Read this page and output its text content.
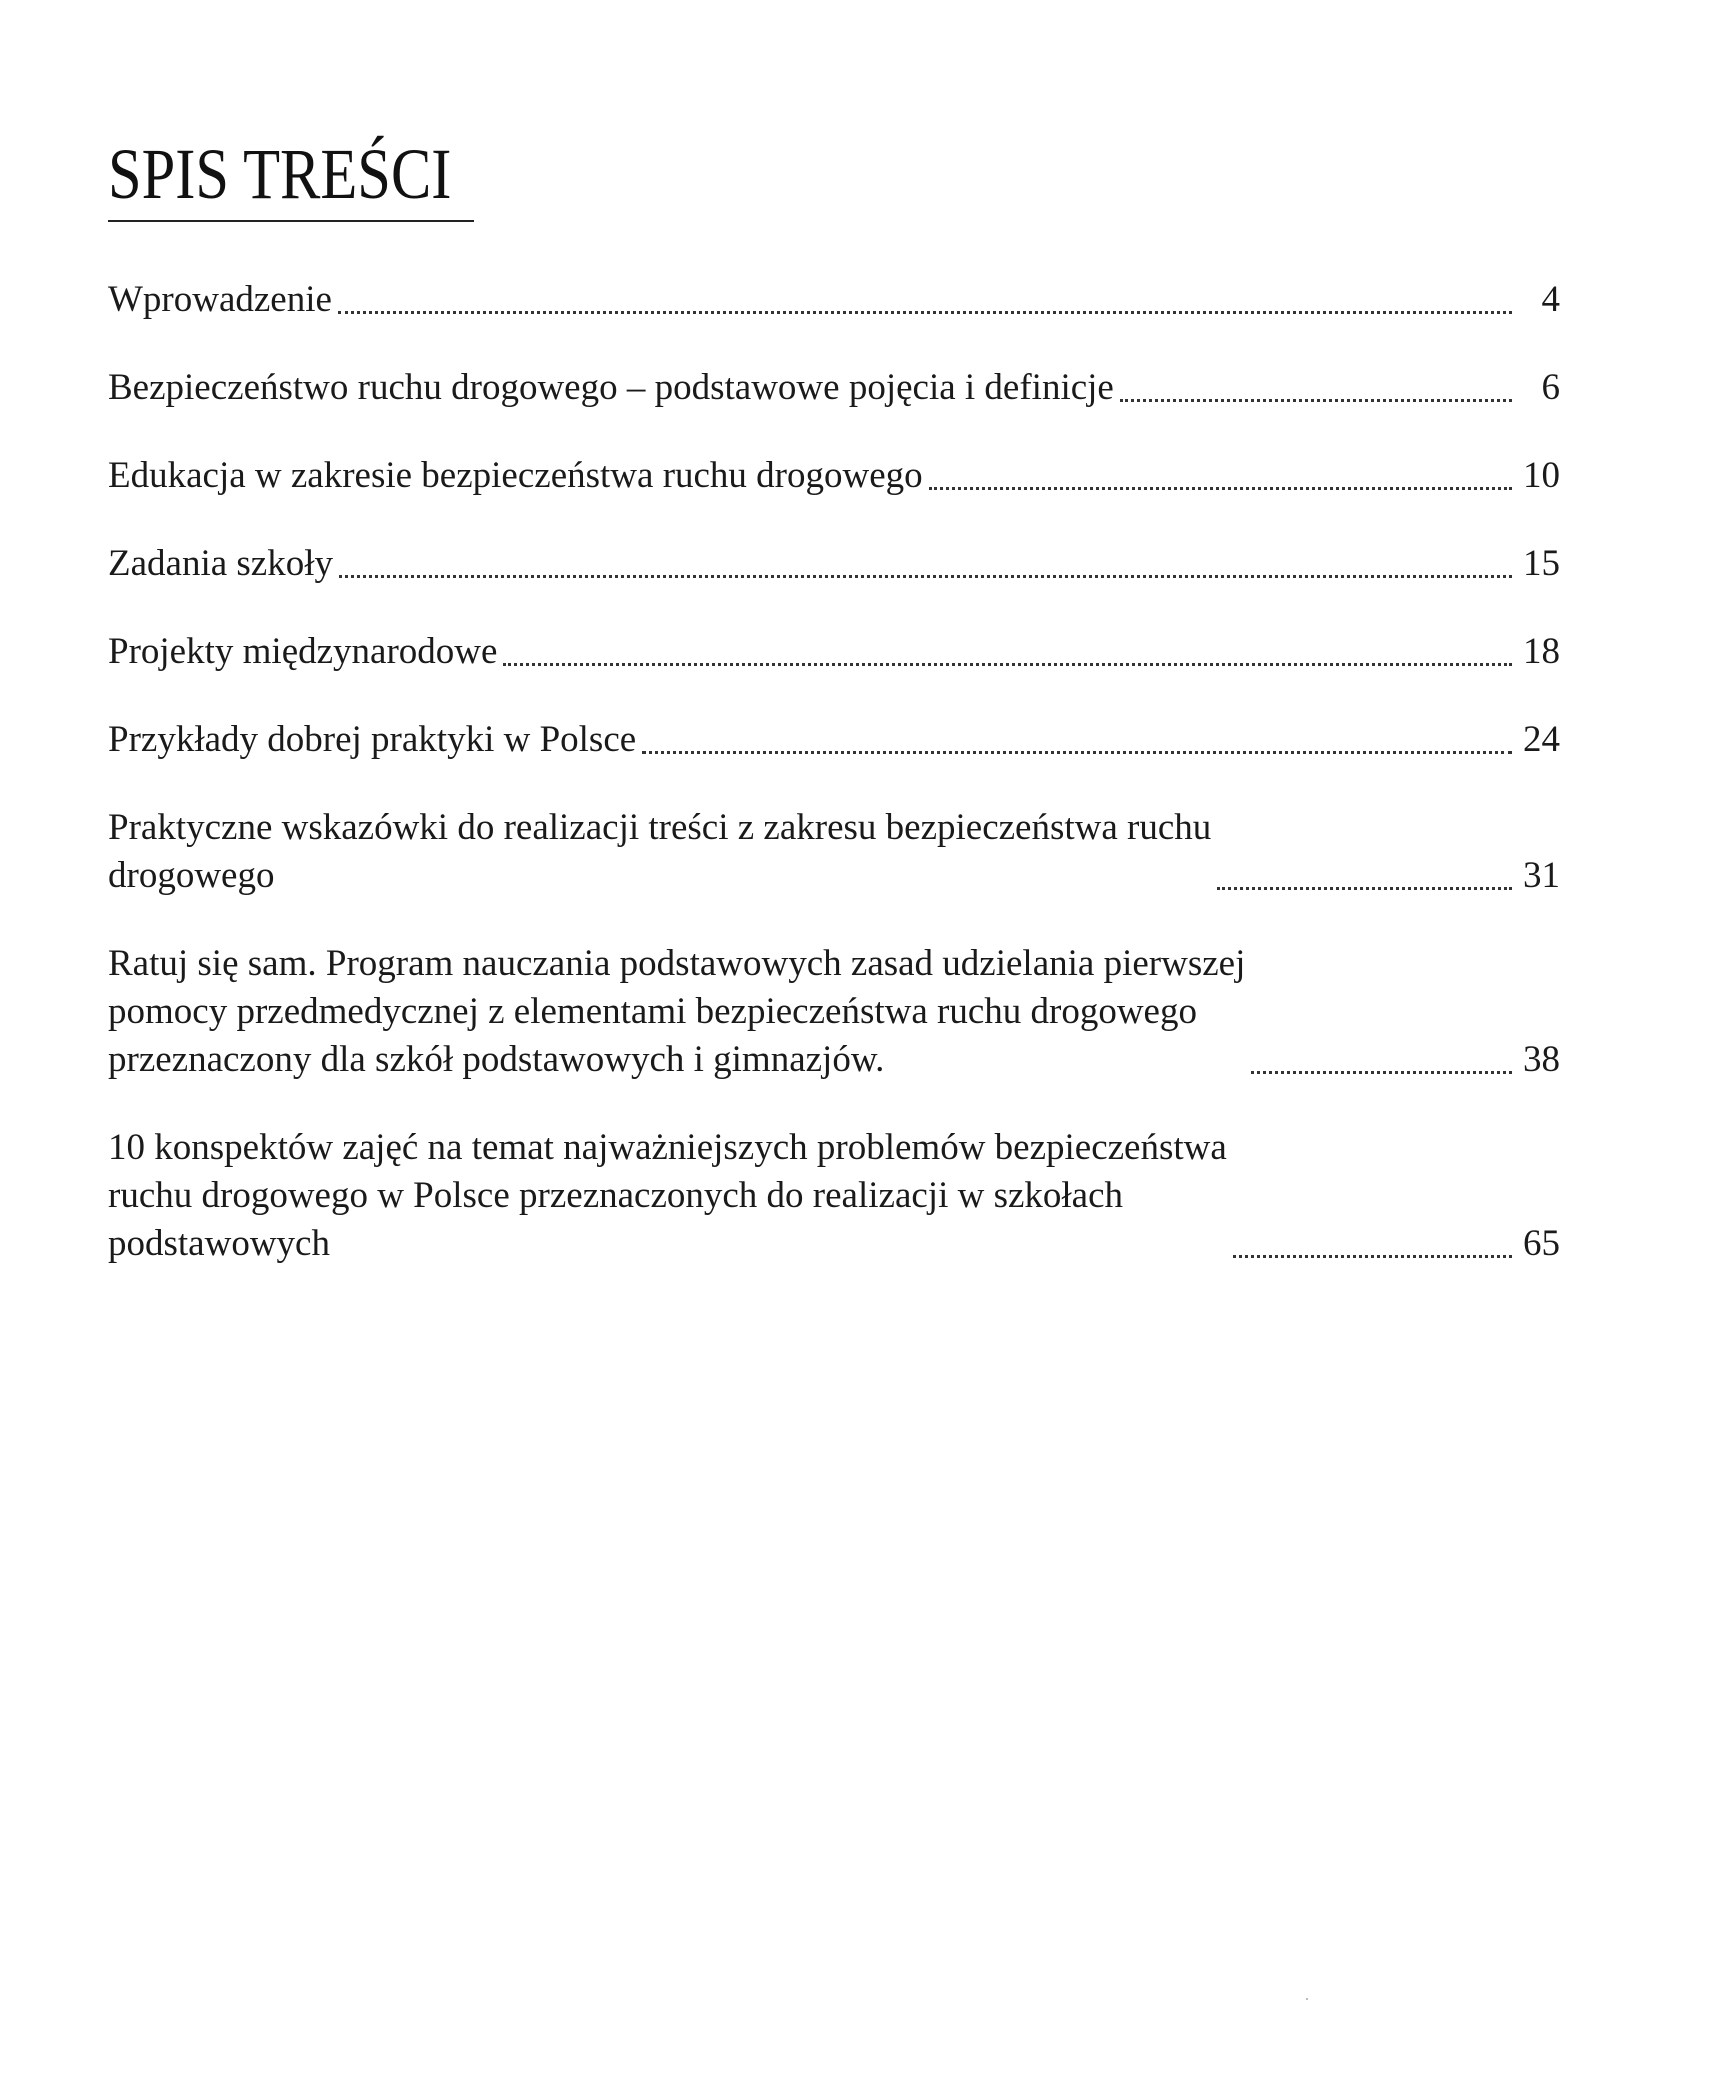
SPIS TREŚCI
Wprowadzenie	4
Bezpieczeństwo ruchu drogowego – podstawowe pojęcia i definicje	6
Edukacja w zakresie bezpieczeństwa ruchu drogowego	10
Zadania szkoły	15
Projekty międzynarodowe	18
Przykłady dobrej praktyki w Polsce	24
Praktyczne wskazówki do realizacji treści z zakresu bezpieczeństwa ruchu
drogowego	31
Ratuj się sam. Program nauczania podstawowych zasad udzielania pierwszej
pomocy przedmedycznej z elementami bezpieczeństwa ruchu drogowego
przeznaczony dla szkół podstawowych i gimnazjów.	38
10 konspektów zajęć na temat najważniejszych problemów bezpieczeństwa
ruchu drogowego w Polsce przeznaczonych do realizacji w szkołach
podstawowych	65
